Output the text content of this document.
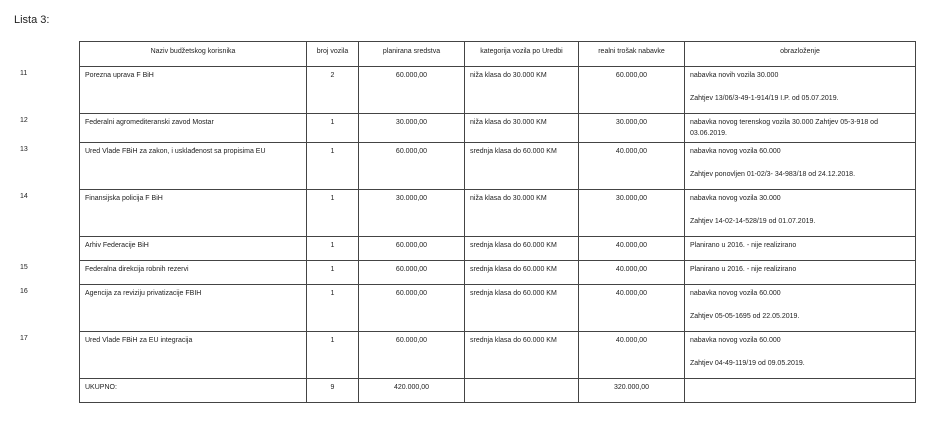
Lista 3:
11
12
13
14
15
16
17
Naziv budžetskog korisnika	broj vozila	planirana sredstva	kategorija vozila po Uredbi	realni trošak nabavke	obrazloženje
Porezna uprava F BiH	2	60.000,00	niža klasa do 30.000 KM	60.000,00	nabavka novih vozila 30.000
Zahtjev 13/06/3-49-1-914/19 I.P. od 05.07.2019.

Federalni agromediteranski zavod Mostar	1	30.000,00	niža klasa do 30.000 KM	30.000,00	nabavka novog terenskog vozila 30.000 Zahtjev 05-3-918 od 03.06.2019.

Ured Vlade FBiH za zakon, i usklađenost sa propisima EU	1	60.000,00	srednja klasa do 60.000 KM	40.000,00	nabavka novog vozila 60.000
Zahtjev ponovljen 01-02/3- 34-983/18 od 24.12.2018.

Finansijska policija F BiH	1	30.000,00	niža klasa do 30.000 KM	30.000,00	nabavka novog vozila 30.000
Zahtjev 14-02-14-528/19 od 01.07.2019.

Arhiv Federacije BiH	1	60.000,00	srednja klasa do 60.000 KM	40.000,00	Planirano u 2016. - nije realizirano

Federalna direkcija robnih rezervi	1	60.000,00	srednja klasa do 60.000 KM	40.000,00	Planirano u 2016. - nije realizirano

Agencija za reviziju privatizacije FBIH	1	60.000,00	srednja klasa do 60.000 KM	40.000,00	nabavka novog vozila 60.000
Zahtjev 05-05-1695 od 22.05.2019.

Ured Vlade FBiH za EU integracija	1	60.000,00	srednja klasa do 60.000 KM	40.000,00	nabavka novog vozila 60.000
Zahtjev 04-49-119/19 od 09.05.2019.

UKUPNO:	9	420.000,00		320.000,00	
